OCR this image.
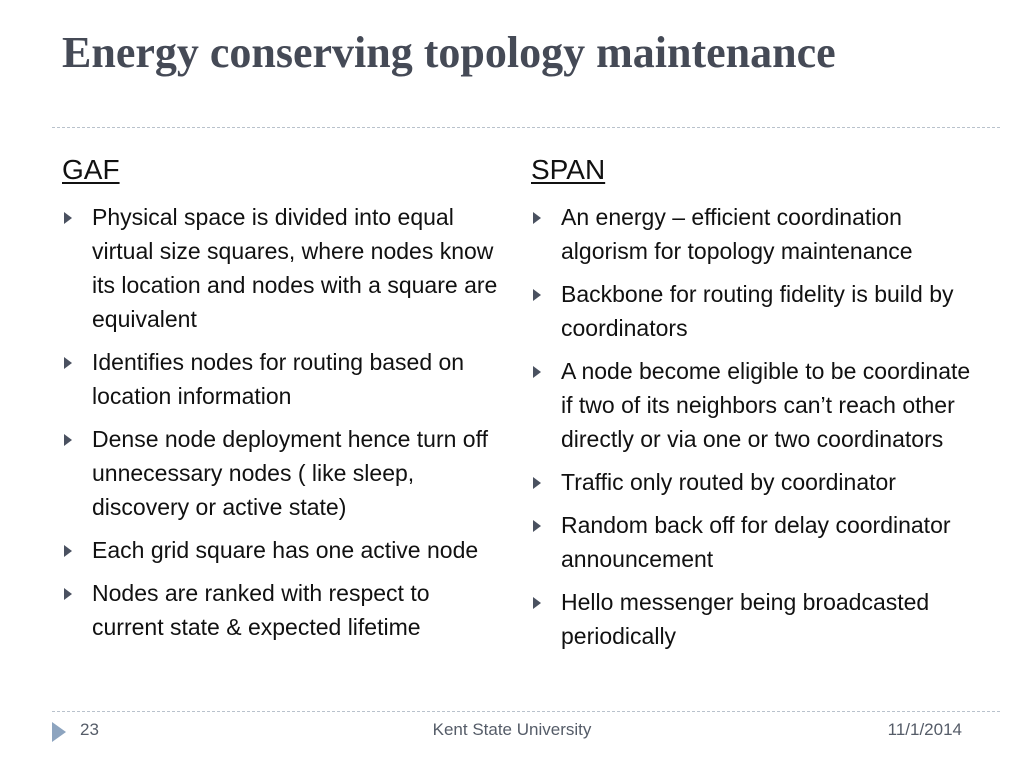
Energy conserving topology maintenance
GAF
Physical space is divided into equal virtual size squares, where nodes know its location and nodes with a square are equivalent
Identifies nodes for routing based on location information
Dense node deployment hence turn off unnecessary nodes ( like sleep, discovery or active state)
Each grid square has one active node
Nodes are ranked with respect to current state & expected lifetime
SPAN
An energy – efficient coordination algorism for topology maintenance
Backbone for routing fidelity is build by coordinators
A node become eligible to be coordinate if two of its neighbors can’t reach other directly or via one or two coordinators
Traffic only routed by coordinator
Random back off for delay coordinator announcement
Hello messenger being broadcasted periodically
23	Kent State University	11/1/2014
